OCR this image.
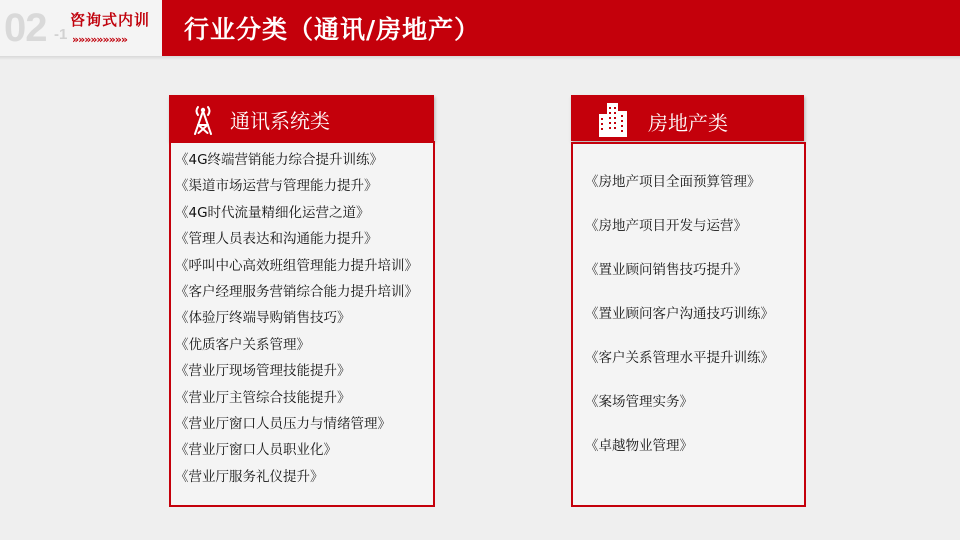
02 -1
咨询式内训
»»»»»»»»» 行业分类（通讯/房地产）
通讯系统类
《4G终端营销能力综合提升训练》
《渠道市场运营与管理能力提升》
《4G时代流量精细化运营之道》
《管理人员表达和沟通能力提升》
《呼叫中心高效班组管理能力提升培训》
《客户经理服务营销综合能力提升培训》
《体验厅终端导购销售技巧》
《优质客户关系管理》
《营业厅现场管理技能提升》
《营业厅主管综合技能提升》
《营业厅窗口人员压力与情绪管理》
《营业厅窗口人员职业化》
《营业厅服务礼仪提升》
房地产类
《房地产项目全面预算管理》
《房地产项目开发与运营》
《置业顾问销售技巧提升》
《置业顾问客户沟通技巧训练》
《客户关系管理水平提升训练》
《案场管理实务》
《卓越物业管理》
